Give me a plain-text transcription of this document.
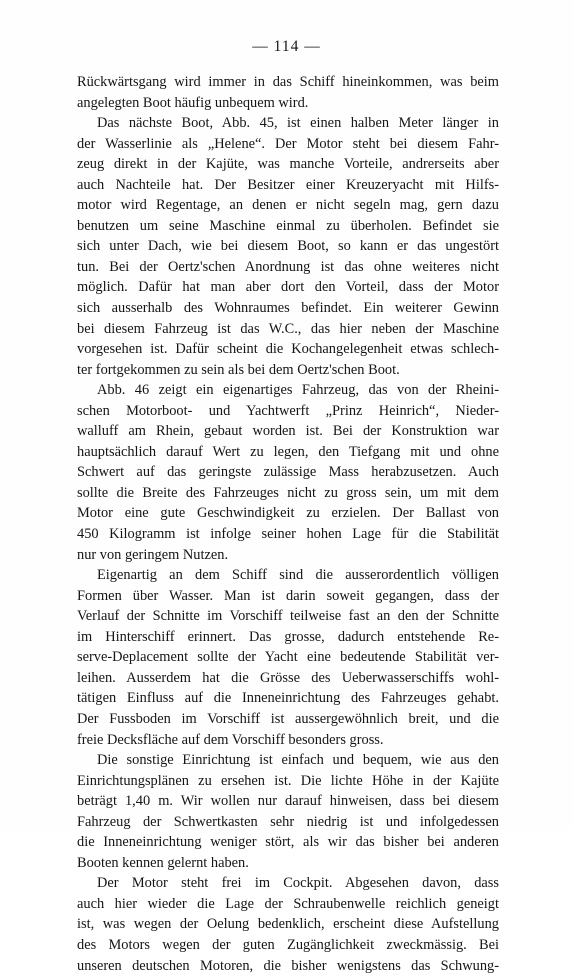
— 114 —
Rückwärtsgang wird immer in das Schiff hineinkommen, was beim
angelegten Boot häufig unbequem wird.
Das nächste Boot, Abb. 45, ist einen halben Meter länger in
der Wasserlinie als „Helene“. Der Motor steht bei diesem Fahr-
zeug direkt in der Kajüte, was manche Vorteile, andrerseits aber
auch Nachteile hat. Der Besitzer einer Kreuzeryacht mit Hilfs-
motor wird Regentage, an denen er nicht segeln mag, gern dazu
benutzen um seine Maschine einmal zu überholen. Befindet sie
sich unter Dach, wie bei diesem Boot, so kann er das ungestört
tun. Bei der Oertz'schen Anordnung ist das ohne weiteres nicht
möglich. Dafür hat man aber dort den Vorteil, dass der Motor
sich ausserhalb des Wohnraumes befindet. Ein weiterer Gewinn
bei diesem Fahrzeug ist das W.C., das hier neben der Maschine
vorgesehen ist. Dafür scheint die Kochangelegenheit etwas schlech-
ter fortgekommen zu sein als bei dem Oertz'schen Boot.
Abb. 46 zeigt ein eigenartiges Fahrzeug, das von der Rheini-
schen Motorboot- und Yachtwerft „Prinz Heinrich“, Nieder-
walluff am Rhein, gebaut worden ist. Bei der Konstruktion war
hauptsächlich darauf Wert zu legen, den Tiefgang mit und ohne
Schwert auf das geringste zulässige Mass herabzusetzen. Auch
sollte die Breite des Fahrzeuges nicht zu gross sein, um mit dem
Motor eine gute Geschwindigkeit zu erzielen. Der Ballast von
450 Kilogramm ist infolge seiner hohen Lage für die Stabilität
nur von geringem Nutzen.
Eigenartig an dem Schiff sind die ausserordentlich völligen
Formen über Wasser. Man ist darin soweit gegangen, dass der
Verlauf der Schnitte im Vorschiff teilweise fast an den der Schnitte
im Hinterschiff erinnert. Das grosse, dadurch entstehende Re-
serve-Deplacement sollte der Yacht eine bedeutende Stabilität ver-
leihen. Ausserdem hat die Grösse des Ueberwasserschiffs wohl-
tätigen Einfluss auf die Inneneinrichtung des Fahrzeuges gehabt.
Der Fussboden im Vorschiff ist aussergewöhnlich breit, und die
freie Decksfläche auf dem Vorschiff besonders gross.
Die sonstige Einrichtung ist einfach und bequem, wie aus den
Einrichtungsplänen zu ersehen ist. Die lichte Höhe in der Kajüte
beträgt 1,40 m. Wir wollen nur darauf hinweisen, dass bei diesem
Fahrzeug der Schwertkasten sehr niedrig ist und infolgedessen
die Inneneinrichtung weniger stört, als wir das bisher bei anderen
Booten kennen gelernt haben.
Der Motor steht frei im Cockpit. Abgesehen davon, dass
auch hier wieder die Lage der Schraubenwelle reichlich geneigt
ist, was wegen der Oelung bedenklich, erscheint diese Aufstellung
des Motors wegen der guten Zugänglichkeit zweckmässig. Bei
unseren deutschen Motoren, die bisher wenigstens das Schwung-
